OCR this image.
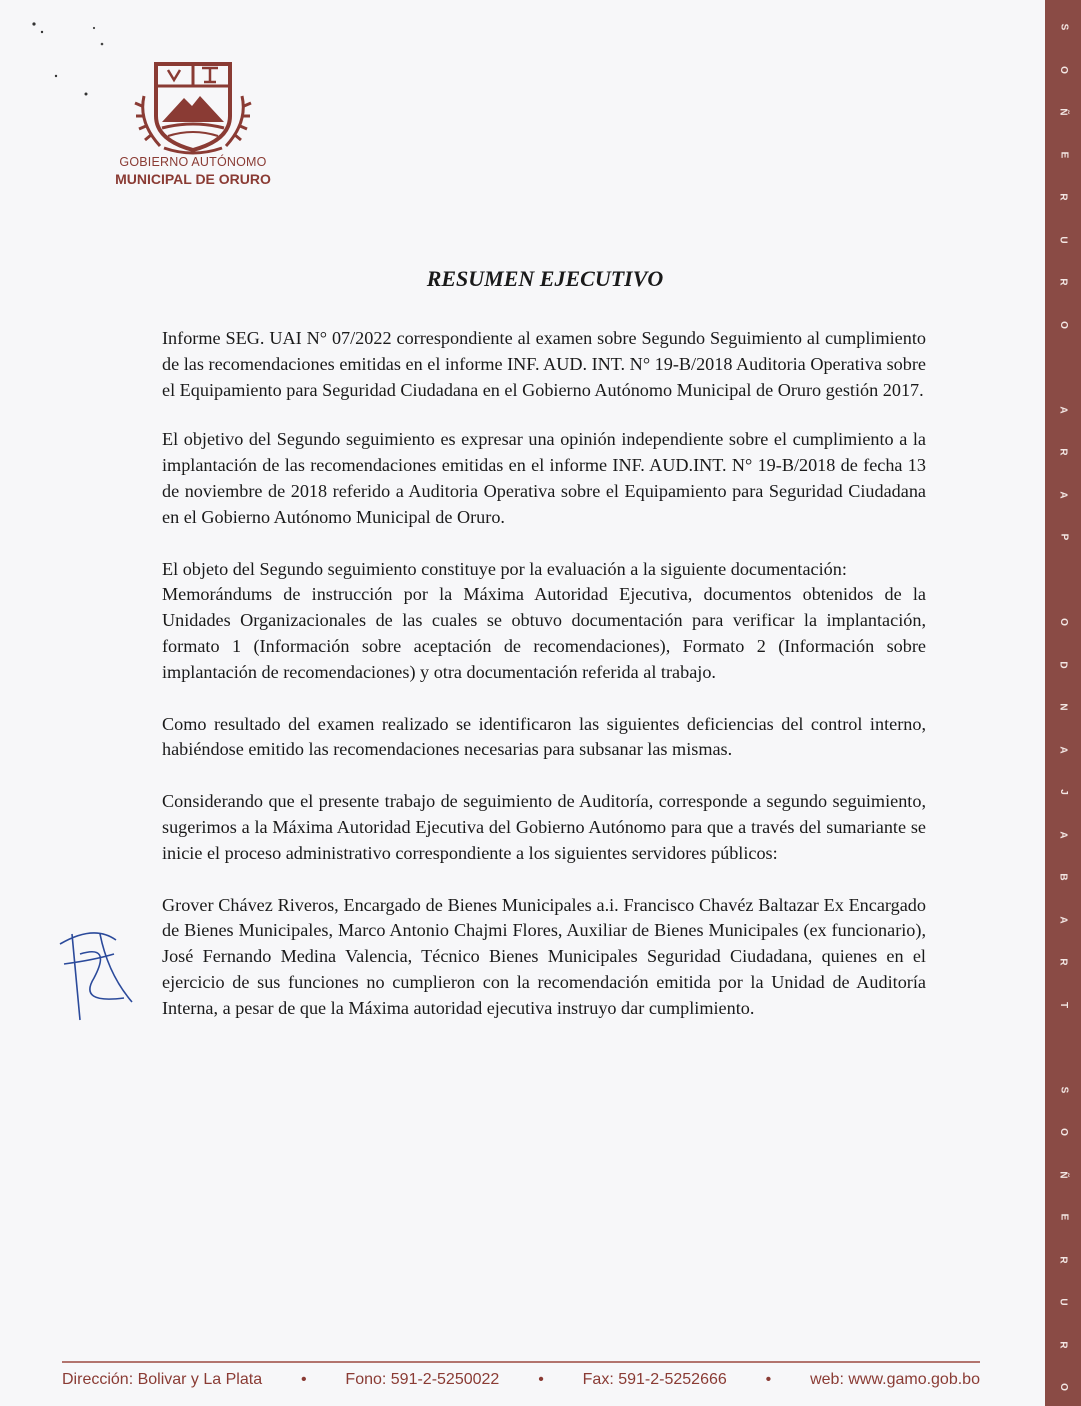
GOBIERNO AUTÓNOMO
MUNICIPAL DE ORURO
RESUMEN EJECUTIVO

Informe SEG. UAI N° 07/2022 correspondiente al examen sobre Segundo Seguimiento al cumplimiento de las recomendaciones emitidas en el informe INF. AUD. INT. N° 19-B/2018 Auditoria Operativa sobre el Equipamiento para Seguridad Ciudadana en el Gobierno Autónomo Municipal de Oruro gestión 2017.

El objetivo del Segundo seguimiento es expresar una opinión independiente sobre el cumplimiento a la implantación de las recomendaciones emitidas en el informe INF. AUD.INT. N° 19-B/2018 de fecha 13 de noviembre de 2018 referido a Auditoria Operativa sobre el Equipamiento para Seguridad Ciudadana en el Gobierno Autónomo Municipal de Oruro.

El objeto del Segundo seguimiento constituye por la evaluación a la siguiente documentación:

Memorándums de instrucción por la Máxima Autoridad Ejecutiva, documentos obtenidos de la Unidades Organizacionales de las cuales se obtuvo documentación para verificar la implantación, formato 1 (Información sobre aceptación de recomendaciones), Formato 2 (Información sobre implantación de recomendaciones) y otra documentación referida al trabajo.

Como resultado del examen realizado se identificaron las siguientes deficiencias del control interno, habiéndose emitido las recomendaciones necesarias para subsanar las mismas.

Considerando que el presente trabajo de seguimiento de Auditoría, corresponde a segundo seguimiento, sugerimos a la Máxima Autoridad Ejecutiva del Gobierno Autónomo para que a través del sumariante se inicie el proceso administrativo correspondiente a los siguientes servidores públicos:

Grover Chávez Riveros, Encargado de Bienes Municipales a.i. Francisco Chavéz Baltazar Ex Encargado de Bienes Municipales, Marco Antonio Chajmi Flores, Auxiliar de Bienes Municipales (ex funcionario), José Fernando Medina Valencia, Técnico Bienes Municipales Seguridad Ciudadana, quienes en el ejercicio de sus funciones no cumplieron con la recomendación emitida por la Unidad de Auditoría Interna, a pesar de que la Máxima autoridad ejecutiva instruyo dar cumplimiento.

Dirección: Bolivar y La Plata • Fono: 591-2-5250022 • Fax: 591-2-5252666 • web: www.gamo.gob.bo
S
O
Ñ
E
R
U
R
O

A
R
A
P

O
D
N
A
J
A
B
A
R
T

S
O
Ñ
E
R
U
R
O
